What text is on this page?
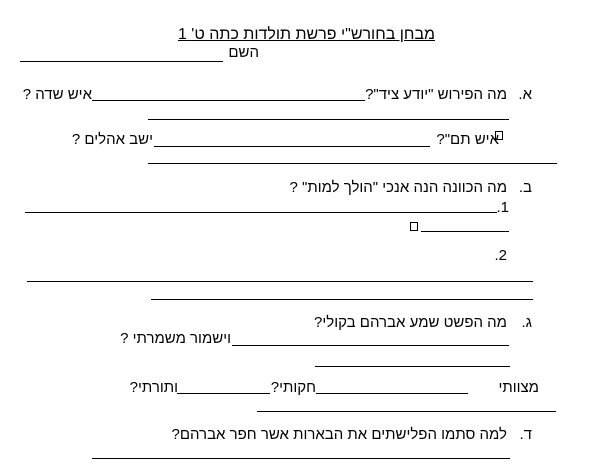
מבחן בחורש"י פרשת תולדות כתה ט' 1
השם
א.
מה הפירוש "יודע ציד"?
איש שדה ?
איש תם"?
ישב אהלים ?
ב.
מה הכוונה הנה אנכי "הולך למות" ?
1.
2.
ג.
מה הפשט שמע אברהם בקולי?
וישמור משמרתי ?
מצוותי
חקותי?
ותורתי?
ד.
למה סתמו הפלישתים את הבארות אשר חפר אברהם?
